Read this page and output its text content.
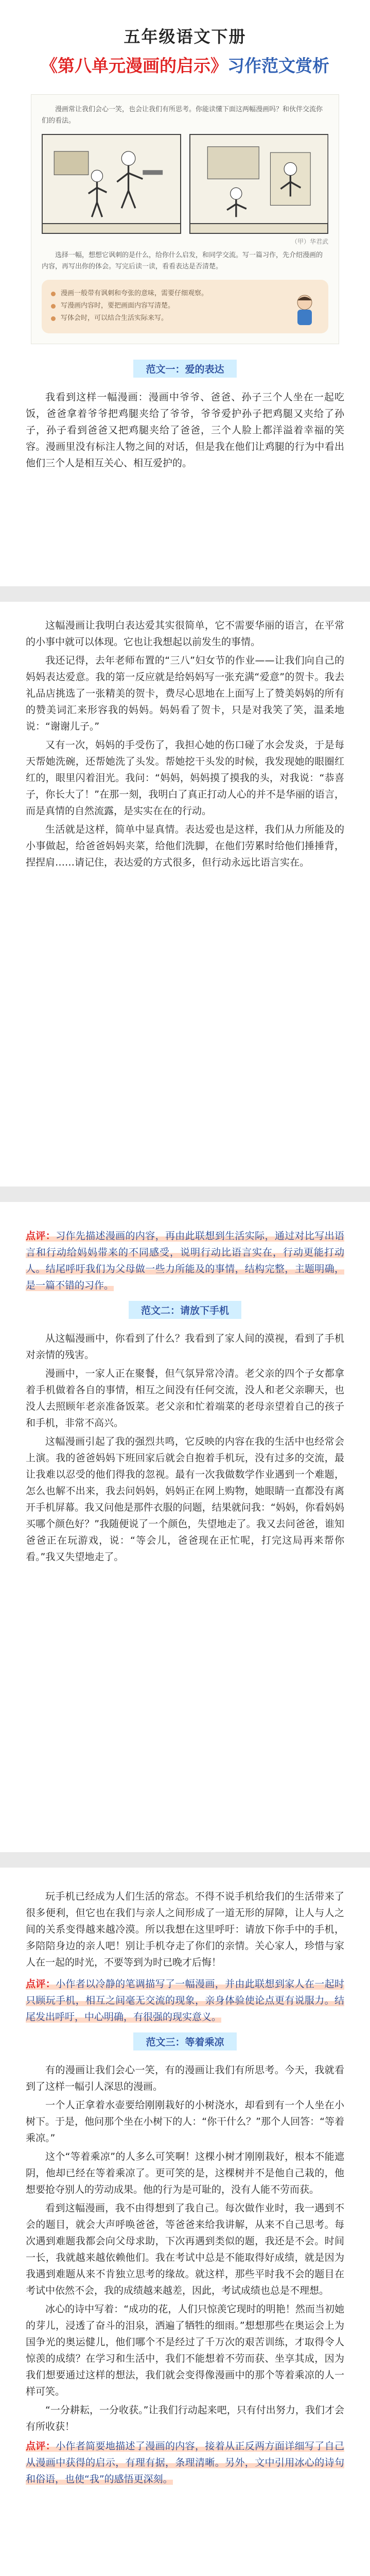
五年级语文下册
《第八单元漫画的启示》习作范文赏析

漫画常让我们会心一笑，也会让我们有所思考。你能读懂下面这两幅漫画吗？和伙伴交流你们的看法。

（甲）华君武

选择一幅，想想它讽刺的是什么，给你什么启发，和同学交流。写一篇习作，先介绍漫画的内容，再写出你的体会。写完后读一读，看看表达是否清楚。

漫画一般带有讽刺和夸张的意味，需要仔细观察。
写漫画内容时，要把画面内容写清楚。
写体会时，可以结合生活实际来写。
范文一：爱的表达

我看到这样一幅漫画：漫画中爷爷、爸爸、孙子三个人坐在一起吃饭，爸爸拿着爷爷把鸡腿夹给了爷爷，爷爷爱护孙子把鸡腿又夹给了孙子，孙子看到爸爸又把鸡腿夹给了爸爸，三个人脸上都洋溢着幸福的笑容。漫画里没有标注人物之间的对话，但是我在他们让鸡腿的行为中看出他们三个人是相互关心、相互爱护的。

这幅漫画让我明白表达爱其实很简单，它不需要华丽的语言，在平常的小事中就可以体现。它也让我想起以前发生的事情。

我还记得，去年老师布置的“三八”妇女节的作业——让我们向自己的妈妈表达爱意。我的第一反应就是给妈妈写一张充满“爱意”的贺卡。我去礼品店挑选了一张精美的贺卡，费尽心思地在上面写上了赞美妈妈的所有的赞美词汇来形容我的妈妈。妈妈看了贺卡，只是对我笑了笑，温柔地说：“谢谢儿子。”

又有一次，妈妈的手受伤了，我担心她的伤口碰了水会发炎，于是每天帮她洗碗，还帮她洗了头发。帮她挖干头发的时候，我发现她的眼圈红红的，眼里闪着泪光。我问：“妈妈，妈妈摸了摸我的头，对我说：“恭喜子，你长大了！”在那一刻，我明白了真正打动人心的并不是华丽的语言，而是真情的自然流露，是实实在在的行动。

生活就是这样，简单中显真情。表达爱也是这样，我们从力所能及的小事做起，给爸爸妈妈夹菜，给他们洗脚，在他们劳累时给他们捶捶背，捏捏肩……请记住，表达爱的方式很多，但行动永远比语言实在。

点评：习作先描述漫画的内容，再由此联想到生活实际，通过对比写出语言和行动给妈妈带来的不同感受，说明行动比语言实在，行动更能打动人。结尾呼吁我们为父母做一些力所能及的事情，结构完整，主题明确，是一篇不错的习作。
范文二：请放下手机

从这幅漫画中，你看到了什么？我看到了家人间的漠视，看到了手机对亲情的残害。

漫画中，一家人正在聚餐，但气氛异常冷清。老父亲的四个子女都拿着手机做着各自的事情，相互之间没有任何交流，没人和老父亲聊天，也没人去照顾年老亲准备饭菜。老父亲和忙着端菜的老母亲望着自己的孩子和手机，非常不高兴。

这幅漫画引起了我的强烈共鸣，它反映的内容在我的生活中也经常会上演。我的爸爸妈妈下班回家后就会自抱着手机玩，没有过多的交流，最让我难以忍受的他们得我的忽视。最有一次我做数学作业遇到一个难题，怎么也解不出来，我去问妈妈，妈妈正在网上购物，她眼睛一直都没有离开手机屏幕。我又问他是那件衣服的问题，结果就问我：“妈妈，你看妈妈买哪个颜色好？”我随便说了一个颜色，失望地走了。我又去问爸爸，谁知爸爸正在玩游戏，说：“等会儿，爸爸现在正忙呢，打完这局再来帮你看。”我又失望地走了。

玩手机已经成为人们生活的常态。不得不说手机给我们的生活带来了很多便利，但它也在我们与亲人之间形成了一道无形的屏障，让人与人之间的关系变得越来越冷漠。所以我想在这里呼吁：请放下你手中的手机，多陪陪身边的亲人吧！别让手机夺走了你们的亲情。关心家人，珍惜与家人在一起的时光，不要等到为时已晚才后悔！

点评：小作者以冷静的笔调描写了一幅漫画，并由此联想到家人在一起时只顾玩手机，相互之间毫无交流的现象，亲身体验使论点更有说服力。结尾发出呼吁，中心明确，有很强的现实意义。
范文三：等着乘凉

有的漫画让我们会心一笑，有的漫画让我们有所思考。今天，我就看到了这样一幅引人深思的漫画。

一个人正拿着水壶要给刚刚栽好的小树浇水，却看到有一个人坐在小树下。于是，他问那个坐在小树下的人：“你干什么？”那个人回答：“等着乘凉。”

这个“等着乘凉”的人多么可笑啊！这棵小树才刚刚栽好，根本不能遮阴，他却已经在等着乘凉了。更可笑的是，这棵树并不是他自己栽的，他想要抢夺别人的劳动成果。他的行为是可耻的，没有人能不劳而获。

看到这幅漫画，我不由得想到了我自己。每次做作业时，我一遇到不会的题目，就会大声呼唤爸爸，等爸爸来给我讲解，从来不自己思考。每次遇到难题我都会向父母求助，下次再遇到类似的题，我还是不会。时间一长，我就越来越依赖他们。我在考试中总是不能取得好成绩，就是因为我遇到难题从来不肯独立思考的缘故。就这样，那些平时我不会的题目在考试中依然不会，我的成绩越来越差，因此，考试成绩也总是不理想。

冰心的诗中写着：“成功的花，人们只惊羡它现时的明艳！然而当初她的芽儿，浸透了奋斗的泪泉，洒遍了牺牲的细雨。”想想那些在奥运会上为国争光的奥运健儿，他们哪个不是经过了千万次的艰苦训练，才取得令人惊羡的成绩？在学习和生活中，我们不能想着不劳而获、坐享其成，因为我们想要通过这样的想法，我们就会变得像漫画中的那个等着乘凉的人一样可笑。

“一分耕耘，一分收获。”让我们行动起来吧，只有付出努力，我们才会有所收获！

点评：小作者简要地描述了漫画的内容，接着从正反两方面详细写了自己从漫画中获得的启示，有理有据，条理清晰。另外，文中引用冰心的诗句和俗语，也使“我”的感悟更深刻。
